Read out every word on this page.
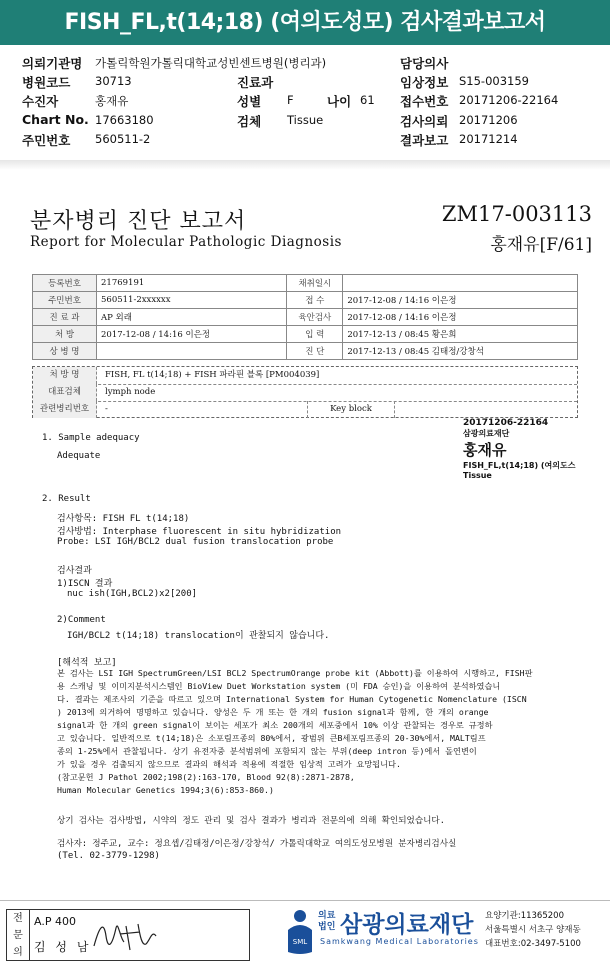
FISH_FL,t(14;18) (여의도성모) 검사결과보고서
의뢰기관명 가톨릭학원가톨릭대학교성빈센트병원(병리과)
병원코드 30713
수진자	홍재유
Chart No. 17663180
주민번호 560511-2
진료과
성별 F	나이 61
검체 Tissue
담당의사
임상정보 S15-003159
접수번호 20171206-22164
검사의뢰 20171206
결과보고 20171214
분자병리 진단 보고서
Report for Molecular Pathologic Diagnosis
ZM17-003113
홍재유[F/61]
등록번호	21769191	채취일시	
주민번호	560511-2xxxxxx	접 수	2017-12-08 / 14:16 이은정
진 료 과	AP 외래	육안검사	2017-12-08 / 14:16 이은정
처 방	2017-12-08 / 14:16 이은정	입 력	2017-12-13 / 08:45 황은희
상 병 명		진 단	2017-12-13 / 08:45 김태정/강창석
처 방 명	FISH, FL t(14;18) + FISH 파라핀 블록 [PM004039]
대표검체	lymph node
관련병리번호	-	Key block
1. Sample adequacy
Adequate
2. Result
검사항목: FISH FL t(14;18)
검사방법: Interphase fluorescent in situ hybridization
Probe: LSI IGH/BCL2 dual fusion translocation probe
검사결과
1)ISCN 결과
nuc ish(IGH,BCL2)x2[200]
2)Comment
IGH/BCL2 t(14;18) translocation이 관찰되지 않습니다.
[해석적 보고]
본 검사는 LSI IGH SpectrumGreen/LSI BCL2 SpectrumOrange probe kit (Abbott)를 이용하여 시행하고, FISH판
용 스캐닝 및 이미지분석시스템인 BioView Duet Workstation system (미 FDA 승인)을 이용하여 분석하였습니
다. 결과는 제조사의 기준을 따르고 있으며 International System for Human Cytogenetic Nomenclature (ISCN
) 2013에 의거하여 명명하고 있습니다. 양성은 두 개 또는 한 개의 fusion signal과 함께, 한 개의 orange
signal과 한 개의 green signal이 보이는 세포가 최소 200개의 세포중에서 10% 이상 관찰되는 경우로 규정하
고 있습니다. 일반적으로 t(14;18)은 소포림프종의 80%에서, 광범위 큰B세포림프종의 20-30%에서, MALT림프
종의 1-25%에서 관찰됩니다. 상기 유전자중 분석범위에 포함되지 않는 부위(deep intron 등)에서 돌연변이
가 있을 경우 검출되지 않으므로 결과의 해석과 적용에 적절한 임상적 고려가 요망됩니다.
(참고문헌 J Pathol 2002;198(2):163-170, Blood 92(8):2871-2878,
Human Molecular Genetics 1994;3(6):853-860.)
상기 검사는 검사방법, 시약의 정도 관리 및 검사 결과가 병리과 전문의에 의해 확인되었습니다.
검사자: 정주교, 교수: 정요셉/김태정/이은정/강창석/ 가톨릭대학교 여의도성모병원 분자병리검사실
(Tel. 02-3779-1298)
20171206-22164
삼광의료재단
홍재유
FISH_FL,t(14;18) (여의도스
Tissue
전
문
의
A.P 400
김 성 남	SML
의료
법인 삼광의료재단
Samkwang Medical Laboratories
요양기관:11365200
서울특별시 서초구 양재동
대표번호:02-3497-5100
